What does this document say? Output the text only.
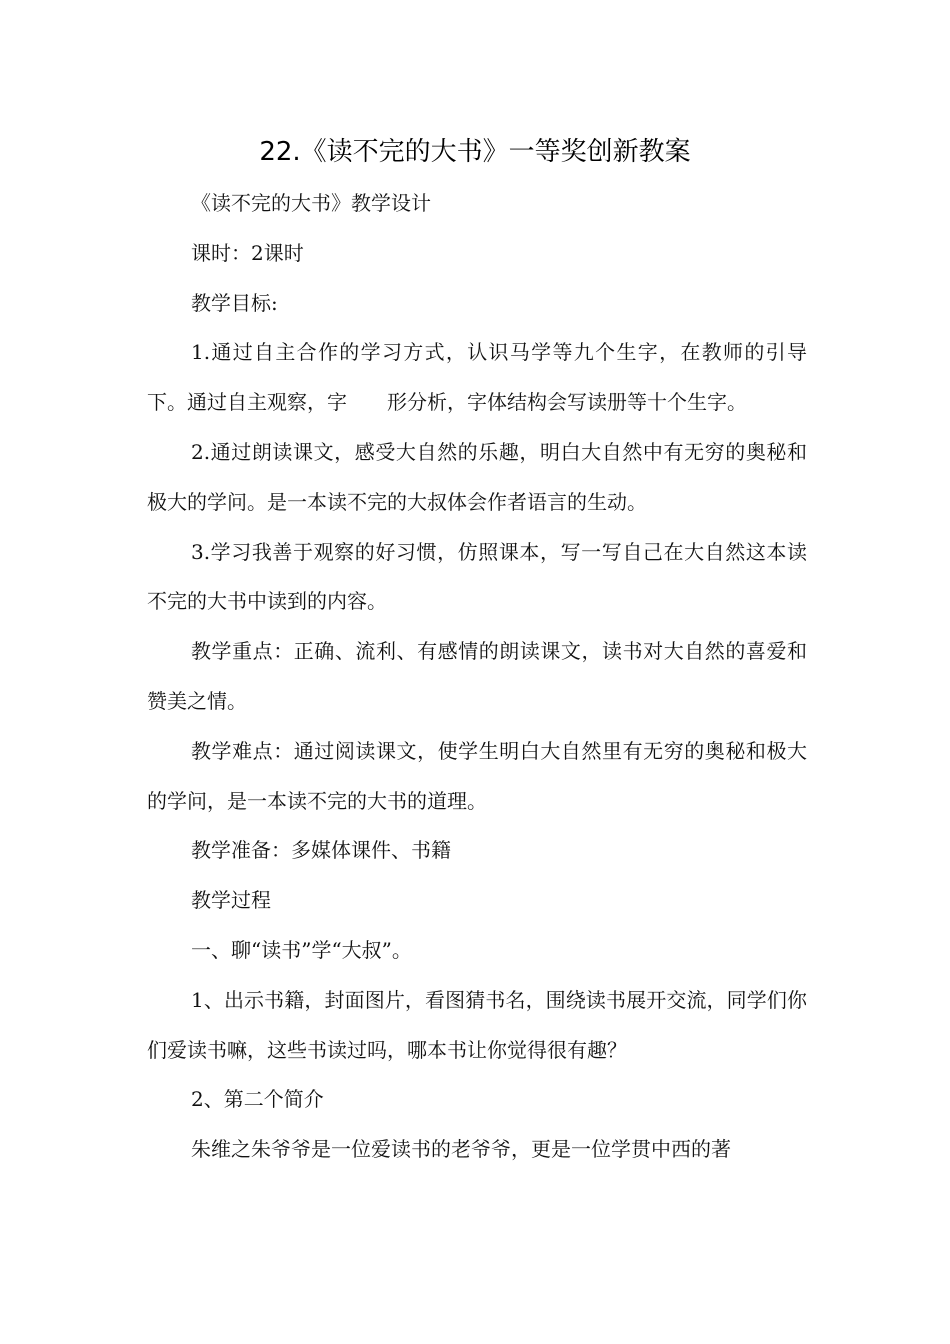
22.《读不完的大书》一等奖创新教案

《读不完的大书》教学设计

课时：2课时

教学目标:

1.通过自主合作的学习方式，认识马学等九个生字，在教师的引导下。通过自主观察，字　　形分析，字体结构会写读册等十个生字。

2.通过朗读课文，感受大自然的乐趣，明白大自然中有无穷的奥秘和极大的学问。是一本读不完的大叔体会作者语言的生动。

3.学习我善于观察的好习惯，仿照课本，写一写自己在大自然这本读不完的大书中读到的内容。

教学重点：正确、流利、有感情的朗读课文，读书对大自然的喜爱和赞美之情。

教学难点：通过阅读课文，使学生明白大自然里有无穷的奥秘和极大的学问，是一本读不完的大书的道理。

教学准备：多媒体课件、书籍

教学过程

一、聊“读书”学“大叔”。

1、出示书籍，封面图片，看图猜书名，围绕读书展开交流，同学们你们爱读书嘛，这些书读过吗，哪本书让你觉得很有趣？

2、第二个简介

朱维之朱爷爷是一位爱读书的老爷爷，更是一位学贯中西的著
